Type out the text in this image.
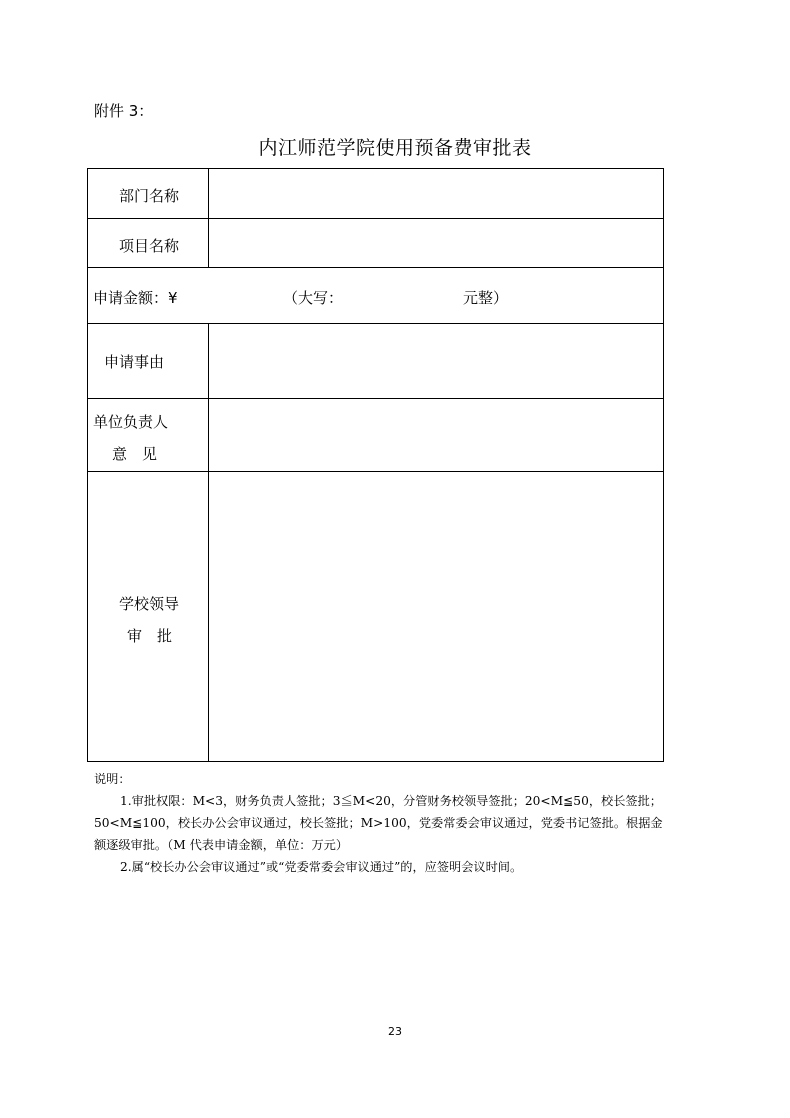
附件 3：
内江师范学院使用预备费审批表
部门名称
项目名称
申请金额：¥	（大写：	元整）
申请事由
单位负责人
意　见
学校领导
审　批

说明：

1.审批权限：M<3，财务负责人签批；3≦M<20，分管财务校领导签批；20<M≦50，校长签批；50<M≦100，校长办公会审议通过，校长签批；M>100，党委常委会审议通过，党委书记签批。根据金额逐级审批。（M 代表申请金额，单位：万元）

2.属“校长办公会审议通过”或“党委常委会审议通过”的，应签明会议时间。

23
